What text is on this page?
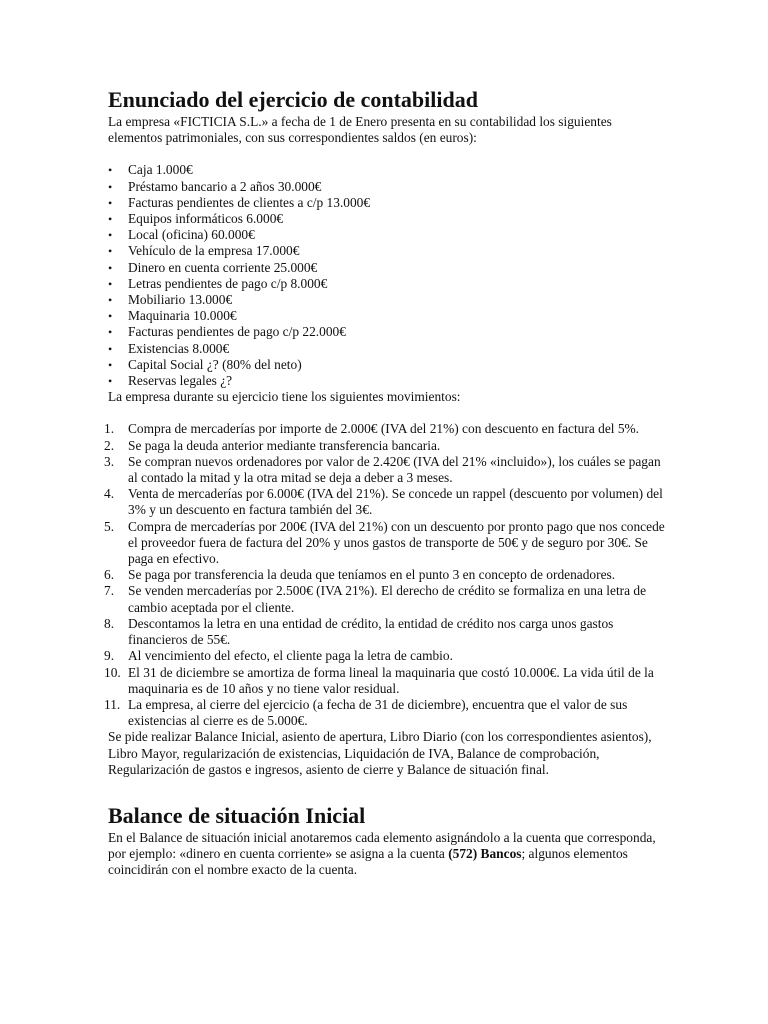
Enunciado del ejercicio de contabilidad

La empresa «FICTICIA S.L.» a fecha de 1 de Enero presenta en su contabilidad los siguientes elementos patrimoniales, con sus correspondientes saldos (en euros):

• Caja 1.000€
• Préstamo bancario a 2 años 30.000€
• Facturas pendientes de clientes a c/p 13.000€
• Equipos informáticos 6.000€
• Local (oficina) 60.000€
• Vehículo de la empresa 17.000€
• Dinero en cuenta corriente 25.000€
• Letras pendientes de pago c/p 8.000€
• Mobiliario 13.000€
• Maquinaria 10.000€
• Facturas pendientes de pago c/p 22.000€
• Existencias 8.000€
• Capital Social ¿? (80% del neto)
• Reservas legales ¿?

La empresa durante su ejercicio tiene los siguientes movimientos:

1. Compra de mercaderías por importe de 2.000€ (IVA del 21%) con descuento en factura del 5%.
2. Se paga la deuda anterior mediante transferencia bancaria.
3. Se compran nuevos ordenadores por valor de 2.420€ (IVA del 21% «incluido»), los cuáles se pagan al contado la mitad y la otra mitad se deja a deber a 3 meses.
4. Venta de mercaderías por 6.000€ (IVA del 21%). Se concede un rappel (descuento por volumen) del 3% y un descuento en factura también del 3€.
5. Compra de mercaderías por 200€ (IVA del 21%) con un descuento por pronto pago que nos concede el proveedor fuera de factura del 20% y unos gastos de transporte de 50€ y de seguro por 30€. Se paga en efectivo.
6. Se paga por transferencia la deuda que teníamos en el punto 3 en concepto de ordenadores.
7. Se venden mercaderías por 2.500€ (IVA 21%). El derecho de crédito se formaliza en una letra de cambio aceptada por el cliente.
8. Descontamos la letra en una entidad de crédito, la entidad de crédito nos carga unos gastos financieros de 55€.
9. Al vencimiento del efecto, el cliente paga la letra de cambio.
10. El 31 de diciembre se amortiza de forma lineal la maquinaria que costó 10.000€. La vida útil de la maquinaria es de 10 años y no tiene valor residual.
11. La empresa, al cierre del ejercicio (a fecha de 31 de diciembre), encuentra que el valor de sus existencias al cierre es de 5.000€.

Se pide realizar Balance Inicial, asiento de apertura, Libro Diario (con los correspondientes asientos), Libro Mayor, regularización de existencias, Liquidación de IVA, Balance de comprobación, Regularización de gastos e ingresos, asiento de cierre y Balance de situación final.

Balance de situación Inicial

En el Balance de situación inicial anotaremos cada elemento asignándolo a la cuenta que corresponda, por ejemplo: «dinero en cuenta corriente» se asigna a la cuenta (572) Bancos; algunos elementos coincidirán con el nombre exacto de la cuenta.
